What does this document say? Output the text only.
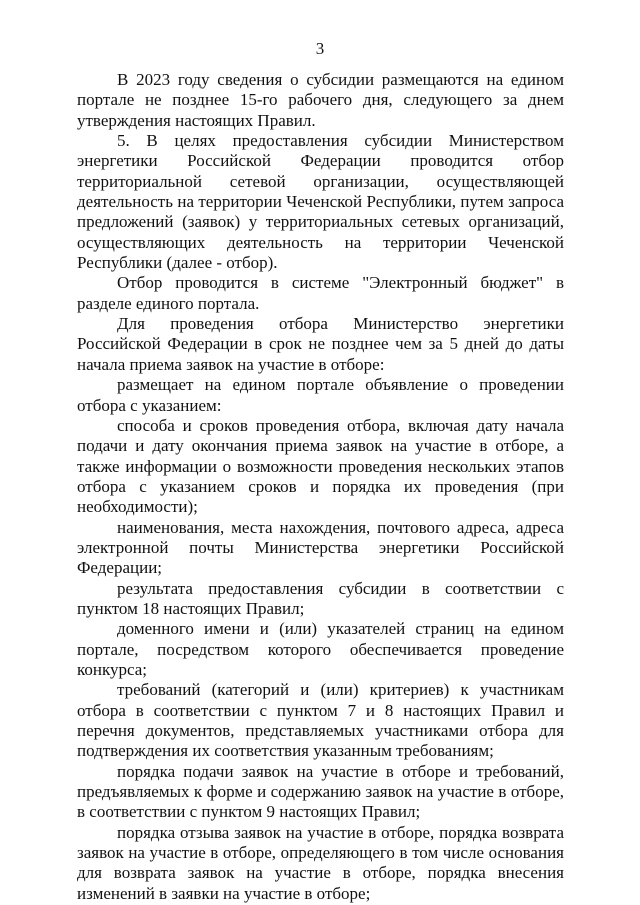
3

В 2023 году сведения о субсидии размещаются на едином портале не позднее 15-го рабочего дня, следующего за днем утверждения настоящих Правил.

5. В целях предоставления субсидии Министерством энергетики Российской Федерации проводится отбор территориальной сетевой организации, осуществляющей деятельность на территории Чеченской Республики, путем запроса предложений (заявок) у территориальных сетевых организаций, осуществляющих деятельность на территории Чеченской Республики (далее - отбор).

Отбор проводится в системе "Электронный бюджет" в разделе единого портала.

Для проведения отбора Министерство энергетики Российской Федерации в срок не позднее чем за 5 дней до даты начала приема заявок на участие в отборе:

размещает на едином портале объявление о проведении отбора с указанием:

способа и сроков проведения отбора, включая дату начала подачи и дату окончания приема заявок на участие в отборе, а также информации о возможности проведения нескольких этапов отбора с указанием сроков и порядка их проведения (при необходимости);

наименования, места нахождения, почтового адреса, адреса электронной почты Министерства энергетики Российской Федерации;

результата предоставления субсидии в соответствии с пунктом 18 настоящих Правил;

доменного имени и (или) указателей страниц на едином портале, посредством которого обеспечивается проведение конкурса;

требований (категорий и (или) критериев) к участникам отбора в соответствии с пунктом 7 и 8 настоящих Правил и перечня документов, представляемых участниками отбора для подтверждения их соответствия указанным требованиям;

порядка подачи заявок на участие в отборе и требований, предъявляемых к форме и содержанию заявок на участие в отборе, в соответствии с пунктом 9 настоящих Правил;

порядка отзыва заявок на участие в отборе, порядка возврата заявок на участие в отборе, определяющего в том числе основания для возврата заявок на участие в отборе, порядка внесения изменений в заявки на участие в отборе;
